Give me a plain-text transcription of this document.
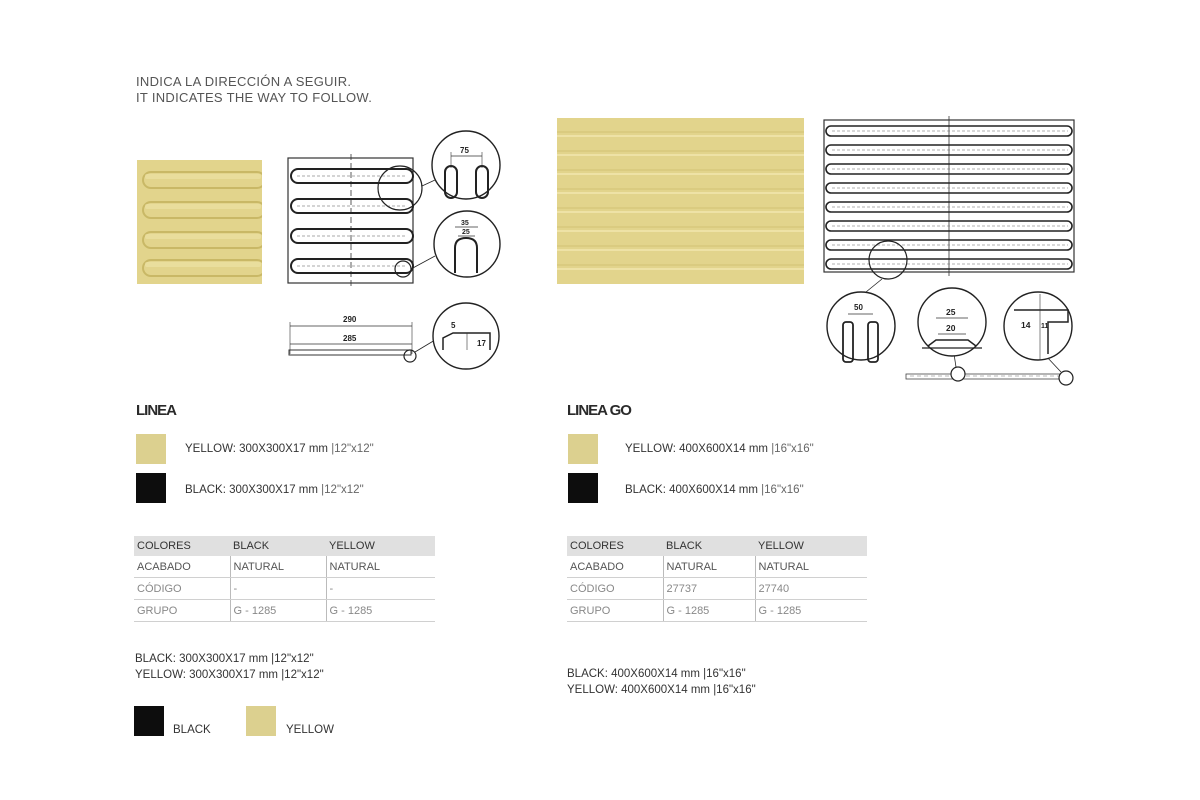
INDICA LA DIRECCIÓN A SEGUIR.
IT INDICATES THE WAY TO FOLLOW.
75
35
25
290
285
5
17
50	25
20	14 11
LINEA
YELLOW: 300X300X17 mm |12"x12"
BLACK: 300X300X17 mm |12"x12"
COLORES	BLACK	YELLOW
ACABADO	NATURAL	NATURAL
CÓDIGO	-	-
GRUPO	G - 1285	G - 1285
BLACK: 300X300X17 mm |12"x12"
YELLOW: 300X300X17 mm |12"x12"
BLACK	YELLOW
LINEA GO
YELLOW: 400X600X14 mm |16"x16"
BLACK: 400X600X14 mm |16"x16"
COLORES	BLACK	YELLOW
ACABADO	NATURAL	NATURAL
CÓDIGO	27737	27740
GRUPO	G - 1285	G - 1285
BLACK: 400X600X14 mm |16"x16"
YELLOW: 400X600X14 mm |16"x16"
